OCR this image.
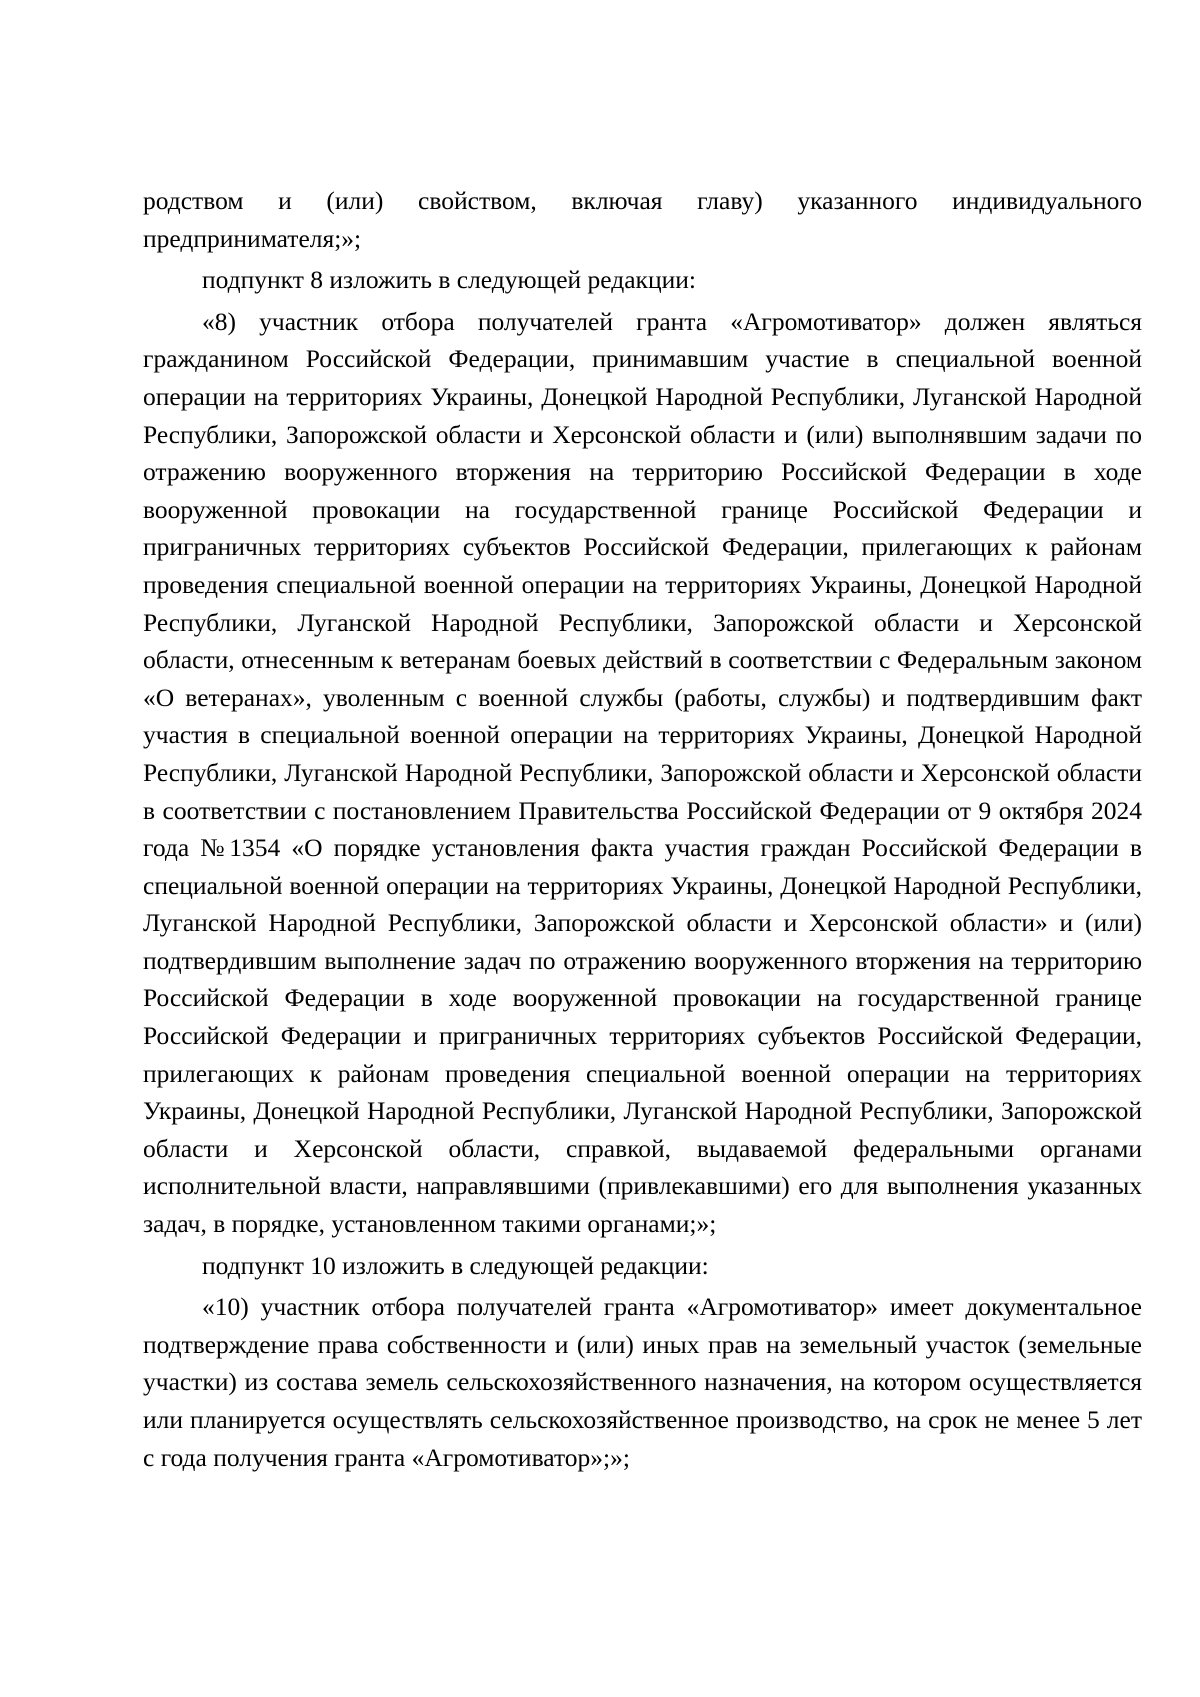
родством и (или) свойством, включая главу) указанного индивидуального предпринимателя;»;

подпункт 8 изложить в следующей редакции:

«8) участник отбора получателей гранта «Агромотиватор» должен являться гражданином Российской Федерации, принимавшим участие в специальной военной операции на территориях Украины, Донецкой Народной Республики, Луганской Народной Республики, Запорожской области и Херсонской области и (или) выполнявшим задачи по отражению вооруженного вторжения на территорию Российской Федерации в ходе вооруженной провокации на государственной границе Российской Федерации и приграничных территориях субъектов Российской Федерации, прилегающих к районам проведения специальной военной операции на территориях Украины, Донецкой Народной Республики, Луганской Народной Республики, Запорожской области и Херсонской области, отнесенным к ветеранам боевых действий в соответствии с Федеральным законом «О ветеранах», уволенным с военной службы (работы, службы) и подтвердившим факт участия в специальной военной операции на территориях Украины, Донецкой Народной Республики, Луганской Народной Республики, Запорожской области и Херсонской области в соответствии с постановлением Правительства Российской Федерации от 9 октября 2024 года №1354 «О порядке установления факта участия граждан Российской Федерации в специальной военной операции на территориях Украины, Донецкой Народной Республики, Луганской Народной Республики, Запорожской области и Херсонской области» и (или) подтвердившим выполнение задач по отражению вооруженного вторжения на территорию Российской Федерации в ходе вооруженной провокации на государственной границе Российской Федерации и приграничных территориях субъектов Российской Федерации, прилегающих к районам проведения специальной военной операции на территориях Украины, Донецкой Народной Республики, Луганской Народной Республики, Запорожской области и Херсонской области, справкой, выдаваемой федеральными органами исполнительной власти, направлявшими (привлекавшими) его для выполнения указанных задач, в порядке, установленном такими органами;»;

подпункт 10 изложить в следующей редакции:

«10) участник отбора получателей гранта «Агромотиватор» имеет документальное подтверждение права собственности и (или) иных прав на земельный участок (земельные участки) из состава земель сельскохозяйственного назначения, на котором осуществляется или планируется осуществлять сельскохозяйственное производство, на срок не менее 5 лет с года получения гранта «Агромотиватор»;»;
